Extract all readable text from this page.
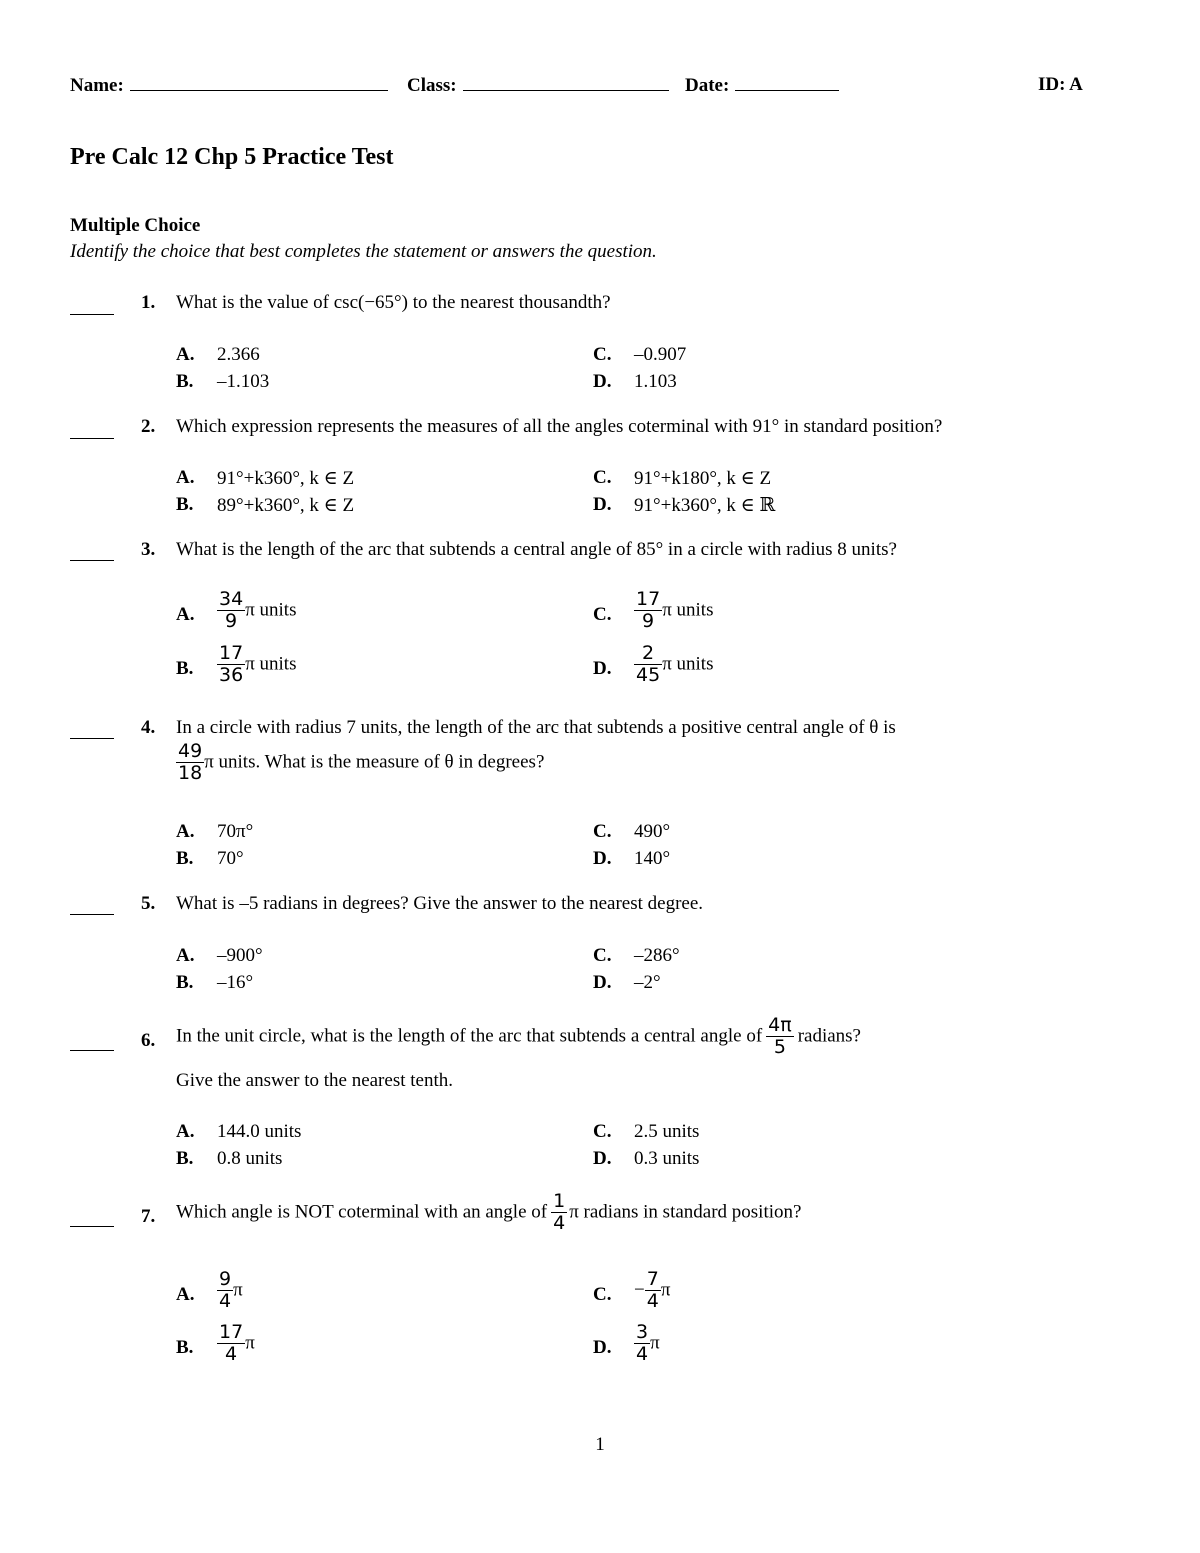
Name:	Class:	Date:	ID: A
Pre Calc 12 Chp 5 Practice Test
Multiple Choice
Identify the choice that best completes the statement or answers the question.
1. What is the value of csc(−65°) to the nearest thousandth?
A. 2.366
B. –1.103
C. –0.907
D. 1.103
2. Which expression represents the measures of all the angles coterminal with 91° in standard position?
A. 91°+k360°, k ∈ Z
B. 89°+k360°, k ∈ Z
C. 91°+k180°, k ∈ Z
D. 91°+k360°, k ∈ ℝ
3. What is the length of the arc that subtends a central angle of 85° in a circle with radius 8 units?
A. $\frac{34}{9}$ π units
B. $\frac{17}{36}$ π units
C. $\frac{17}{9}$ π units
D. $\frac{2}{45}$ π units
4. In a circle with radius 7 units, the length of the arc that subtends a positive central angle of θ is
$\frac{49}{18}$ π units. What is the measure of θ in degrees?
A. 70π°
B. 70°
C. 490°
D. 140°
5. What is –5 radians in degrees? Give the answer to the nearest degree.
A. –900°
B. –16°
C. –286°
D. –2°
6. In the unit circle, what is the length of the arc that subtends a central angle of $\frac{4\pi}{5}$ radians?
Give the answer to the nearest tenth.
A. 144.0 units
B. 0.8 units
C. 2.5 units
D. 0.3 units
7. Which angle is NOT coterminal with an angle of $\frac{1}{4}$ π radians in standard position?
A. $\frac{9}{4}$ π
B. $\frac{17}{4}$ π
C. − $\frac{7}{4}$ π
D. $\frac{3}{4}$ π
1
